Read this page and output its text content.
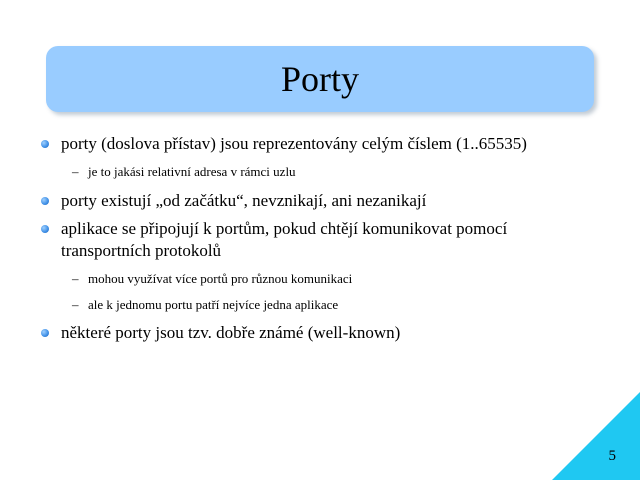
Porty
porty (doslova přístav) jsou reprezentovány celým číslem (1..65535)
– je to jakási relativní adresa v rámci uzlu
porty existují „od začátku“, nevznikají, ani nezanikají
aplikace se připojují k portům, pokud chtějí komunikovat pomocí
transportních protokolů
– mohou využívat více portů pro různou komunikaci
– ale k jednomu portu patří nejvíce jedna aplikace
některé porty jsou tzv. dobře známé (well-known)
5
